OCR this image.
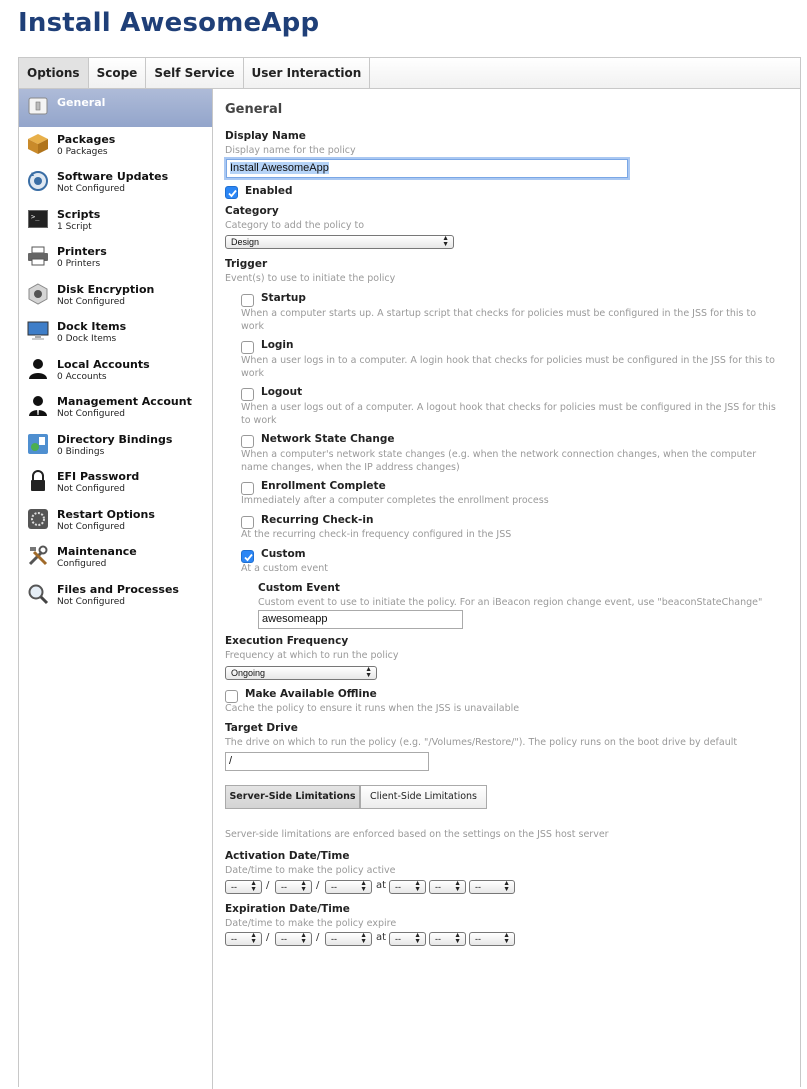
Install AwesomeApp
Options	Scope	Self Service	User Interaction
General
Packages
0 Packages
Software Updates
Not Configured
>_ Scripts
1 Script
Printers
0 Printers
Disk Encryption
Not Configured
Dock Items
0 Dock Items
Local Accounts
0 Accounts
Management Account
Not Configured
Directory Bindings
0 Bindings
EFI Password
Not Configured
Restart Options
Not Configured
Maintenance
Configured
Files and Processes
Not Configured
General
Display Name
Display name for the policy
Install AwesomeApp
Enabled
Category
Category to add the policy to
Design	▲
▼
Trigger
Event(s) to use to initiate the policy
Startup
When a computer starts up. A startup script that checks for policies must be configured in the JSS for this to work
Login
When a user logs in to a computer. A login hook that checks for policies must be configured in the JSS for this to work
Logout
When a user logs out of a computer. A logout hook that checks for policies must be configured in the JSS for this to work
Network State Change
When a computer's network state changes (e.g. when the network connection changes, when the computer name changes, when the IP address changes)
Enrollment Complete
Immediately after a computer completes the enrollment process
Recurring Check-in
At the recurring check-in frequency configured in the JSS
Custom
At a custom event
Custom Event
Custom event to use to initiate the policy. For an iBeacon region change event, use "beaconStateChange"
awesomeapp
Execution Frequency
Frequency at which to run the policy
Ongoing	▲
▼
Make Available Offline
Cache the policy to ensure it runs when the JSS is unavailable
Target Drive
The drive on which to run the policy (e.g. "/Volumes/Restore/"). The policy runs on the boot drive by default
/
Server-Side Limitations	Client-Side Limitations
Server-side limitations are enforced based on the settings on the JSS host server
Activation Date/Time
Date/time to make the policy active
-- ▲
▼ /	-- ▲
▼ /	--	▲
▼ at -- ▲
▼	-- ▲
▼	--	▲
▼
Expiration Date/Time
Date/time to make the policy expire
-- ▲
▼ /	-- ▲
▼ /	--	▲
▼ at -- ▲
▼	-- ▲
▼	--	▲
▼
